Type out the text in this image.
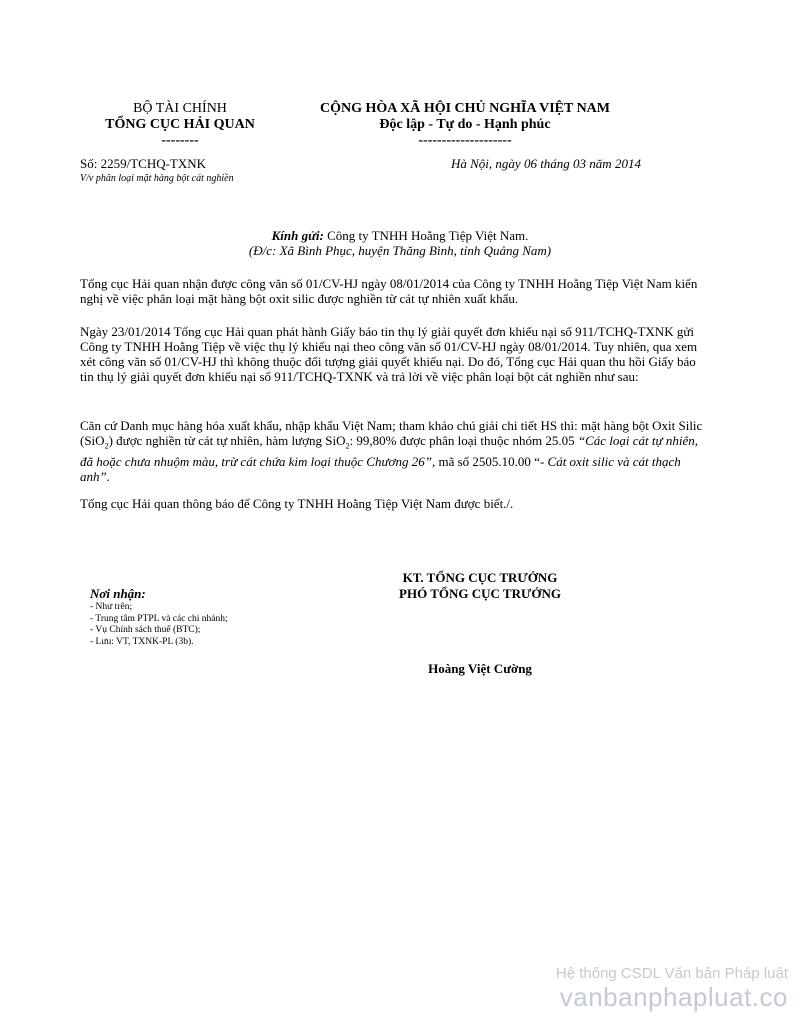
BỘ TÀI CHÍNH
TỔNG CỤC HẢI QUAN
--------
CỘNG HÒA XÃ HỘI CHỦ NGHĨA VIỆT NAM
Độc lập - Tự do - Hạnh phúc
--------------------
Số: 2259/TCHQ-TXNK
V/v phân loại mặt hàng bột cát nghiền
Hà Nội, ngày 06 tháng 03 năm 2014
Kính gửi: Công ty TNHH Hoằng Tiệp Việt Nam.
(Đ/c: Xã Bình Phục, huyện Thăng Bình, tỉnh Quảng Nam)

Tổng cục Hải quan nhận được công văn số 01/CV-HJ ngày 08/01/2014 của Công ty TNHH Hoằng Tiệp Việt Nam kiến nghị về việc phân loại mặt hàng bột oxit silic được nghiền từ cát tự nhiên xuất khẩu.

Ngày 23/01/2014 Tổng cục Hải quan phát hành Giấy báo tin thụ lý giải quyết đơn khiếu nại số 911/TCHQ-TXNK gửi Công ty TNHH Hoằng Tiệp về việc thụ lý khiếu nại theo công văn số 01/CV-HJ ngày 08/01/2014. Tuy nhiên, qua xem xét công văn số 01/CV-HJ thì không thuộc đối tượng giải quyết khiếu nại. Do đó, Tổng cục Hải quan thu hồi Giấy báo tin thụ lý giải quyết đơn khiếu nại số 911/TCHQ-TXNK và trả lời về việc phân loại bột cát nghiền như sau:

Căn cứ Danh mục hàng hóa xuất khẩu, nhập khẩu Việt Nam; tham khảo chú giải chi tiết HS thì: mặt hàng bột Oxit Silic (SiO$_2$) được nghiền từ cát tự nhiên, hàm lượng SiO$_2$: 99,80% được phân loại thuộc nhóm 25.05 “Các loại cát tự nhiên, đã hoặc chưa nhuộm màu, trừ cát chứa kim loại thuộc Chương 26”, mã số 2505.10.00 “- Cát oxit silic và cát thạch anh”.

Tổng cục Hải quan thông báo để Công ty TNHH Hoằng Tiệp Việt Nam được biết./.

KT. TỔNG CỤC TRƯỞNG
PHÓ TỔNG CỤC TRƯỞNG
Hoàng Việt Cường
Nơi nhận:
- Như trên;
- Trung tâm PTPL và các chi nhánh;
- Vụ Chính sách thuế (BTC);
- Lưu: VT, TXNK-PL (3b).
Hệ thống CSDL Văn bản Pháp luật
vanbanphapluat.co
